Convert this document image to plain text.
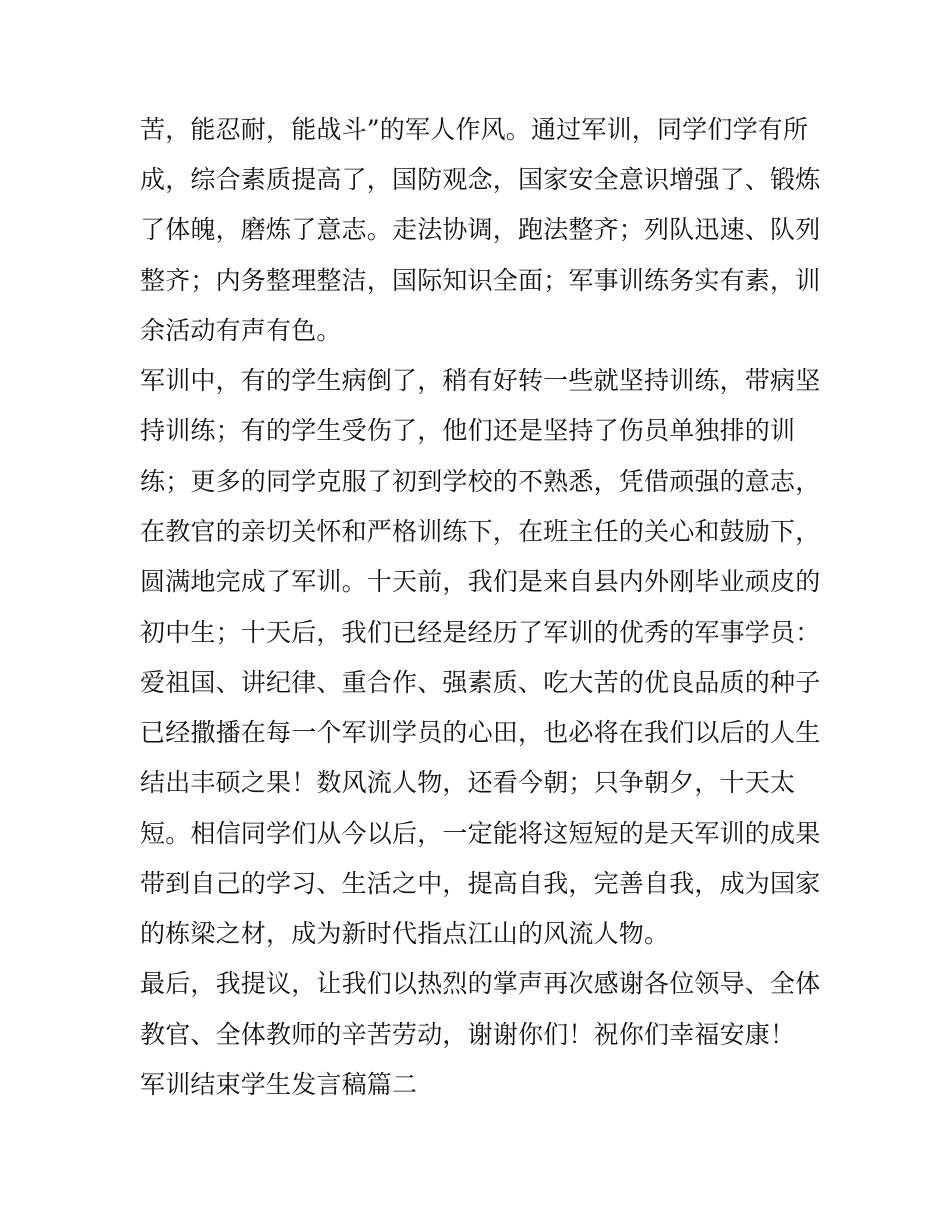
苦，能忍耐，能战斗”的军人作风。通过军训，同学们学有所
成，综合素质提高了，国防观念，国家安全意识增强了、锻炼
了体魄，磨炼了意志。走法协调，跑法整齐；列队迅速、队列
整齐；内务整理整洁，国际知识全面；军事训练务实有素，训
余活动有声有色。
军训中，有的学生病倒了，稍有好转一些就坚持训练，带病坚
持训练；有的学生受伤了，他们还是坚持了伤员单独排的训
练；更多的同学克服了初到学校的不熟悉，凭借顽强的意志，
在教官的亲切关怀和严格训练下，在班主任的关心和鼓励下，
圆满地完成了军训。十天前，我们是来自县内外刚毕业顽皮的
初中生；十天后，我们已经是经历了军训的优秀的军事学员：
爱祖国、讲纪律、重合作、强素质、吃大苦的优良品质的种子
已经撒播在每一个军训学员的心田，也必将在我们以后的人生
结出丰硕之果！数风流人物，还看今朝；只争朝夕，十天太
短。相信同学们从今以后，一定能将这短短的是天军训的成果
带到自己的学习、生活之中，提高自我，完善自我，成为国家
的栋梁之材，成为新时代指点江山的风流人物。
最后，我提议，让我们以热烈的掌声再次感谢各位领导、全体
教官、全体教师的辛苦劳动，谢谢你们！祝你们幸福安康！
军训结束学生发言稿篇二
